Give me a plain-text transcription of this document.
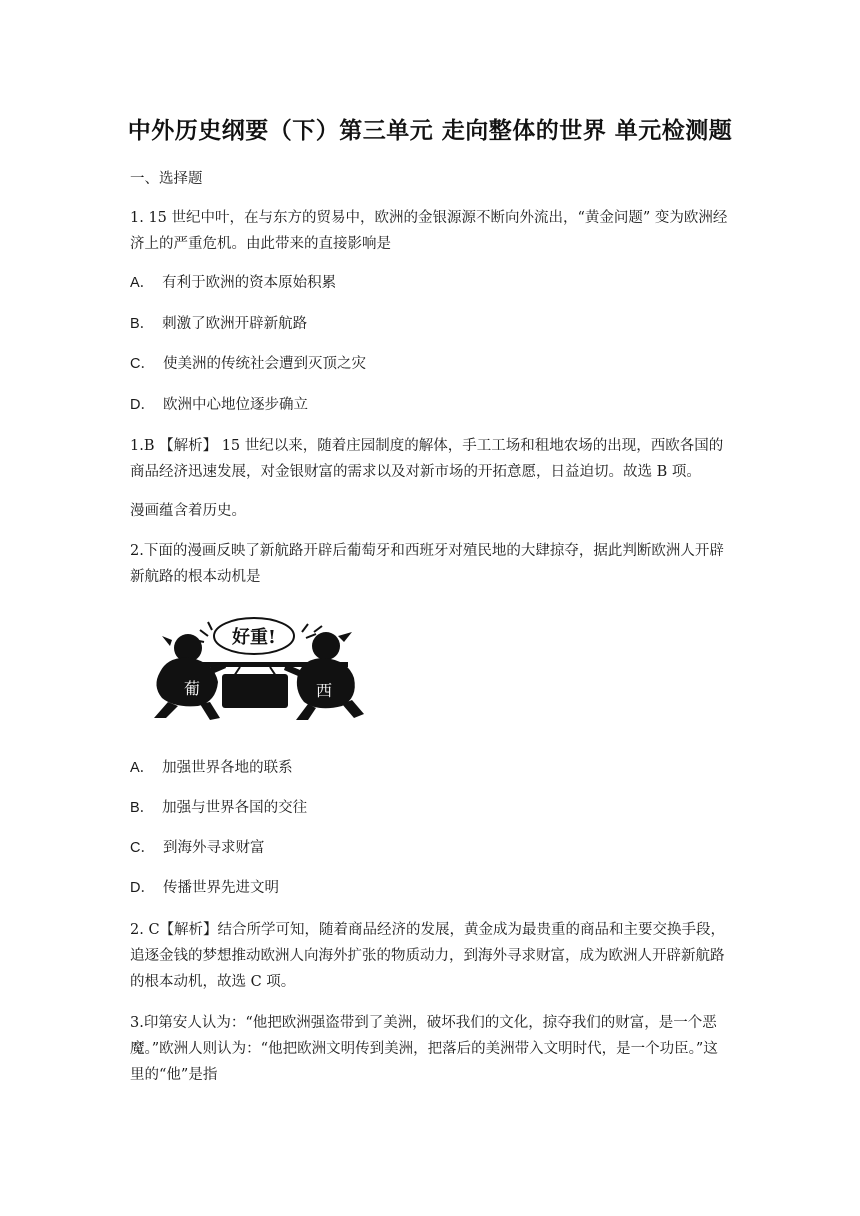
中外历史纲要（下）第三单元 走向整体的世界 单元检测题
一、选择题
1. 15 世纪中叶，在与东方的贸易中，欧洲的金银源源不断向外流出，“黄金问题” 变为欧洲经济上的严重危机。由此带来的直接影响是
A． 有利于欧洲的资本原始积累
B． 刺激了欧洲开辟新航路
C． 使美洲的传统社会遭到灭顶之灾
D． 欧洲中心地位逐步确立
1.B 【解析】 15 世纪以来，随着庄园制度的解体，手工工场和租地农场的出现，西欧各国的商品经济迅速发展，对金银财富的需求以及对新市场的开拓意愿，日益迫切。故选 B 项。
漫画蕴含着历史。
2.下面的漫画反映了新航路开辟后葡萄牙和西班牙对殖民地的大肆掠夺，据此判断欧洲人开辟新航路的根本动机是
好重!
葡	西
A． 加强世界各地的联系
B． 加强与世界各国的交往
C． 到海外寻求财富
D． 传播世界先进文明
2. C【解析】结合所学可知，随着商品经济的发展，黄金成为最贵重的商品和主要交换手段，追逐金钱的梦想推动欧洲人向海外扩张的物质动力，到海外寻求财富，成为欧洲人开辟新航路的根本动机，故选 C 项。
3.印第安人认为：“他把欧洲强盗带到了美洲，破坏我们的文化，掠夺我们的财富，是一个恶魔。”欧洲人则认为：“他把欧洲文明传到美洲，把落后的美洲带入文明时代，是一个功臣。”这里的“他”是指
